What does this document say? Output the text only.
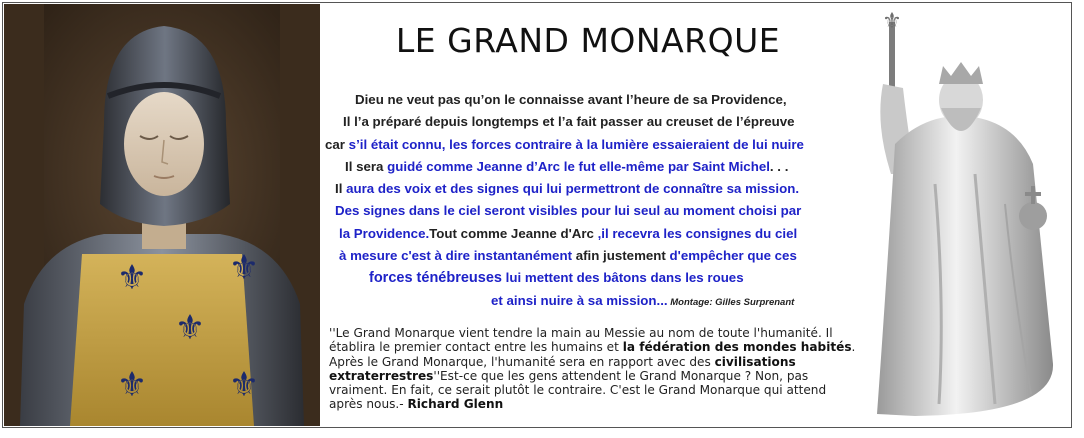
⚜ ⚜
⚜
⚜ ⚜
LE GRAND MONARQUE
Dieu ne veut pas qu’on le connaisse avant l’heure de sa Providence,
Il l’a préparé depuis longtemps et l’a fait passer au creuset de l’épreuve
car s’il était connu, les forces contraire à la lumière essaieraient de lui nuire
Il sera guidé comme Jeanne d’Arc le fut elle-même par Saint Michel. . .
Il aura des voix et des signes qui lui permettront de connaître sa mission.
Des signes dans le ciel seront visibles pour lui seul au moment choisi par
la Providence.Tout comme Jeanne d'Arc ,il recevra les consignes du ciel
à mesure c'est à dire instantanément afin justement d'empêcher que ces
forces ténébreuses lui mettent des bâtons dans les roues
et ainsi nuire à sa mission... Montage: Gilles Surprenant
''Le Grand Monarque vient tendre la main au Messie au nom de toute l'humanité. Il établira le premier contact entre les humains et la fédération des mondes habités. Après le Grand Monarque, l'humanité sera en rapport avec des civilisations extraterrestres''Est-ce que les gens attendent le Grand Monarque ? Non, pas vraiment. En fait, ce serait plutôt le contraire. C'est le Grand Monarque qui attend après nous.- Richard Glenn
⚜
